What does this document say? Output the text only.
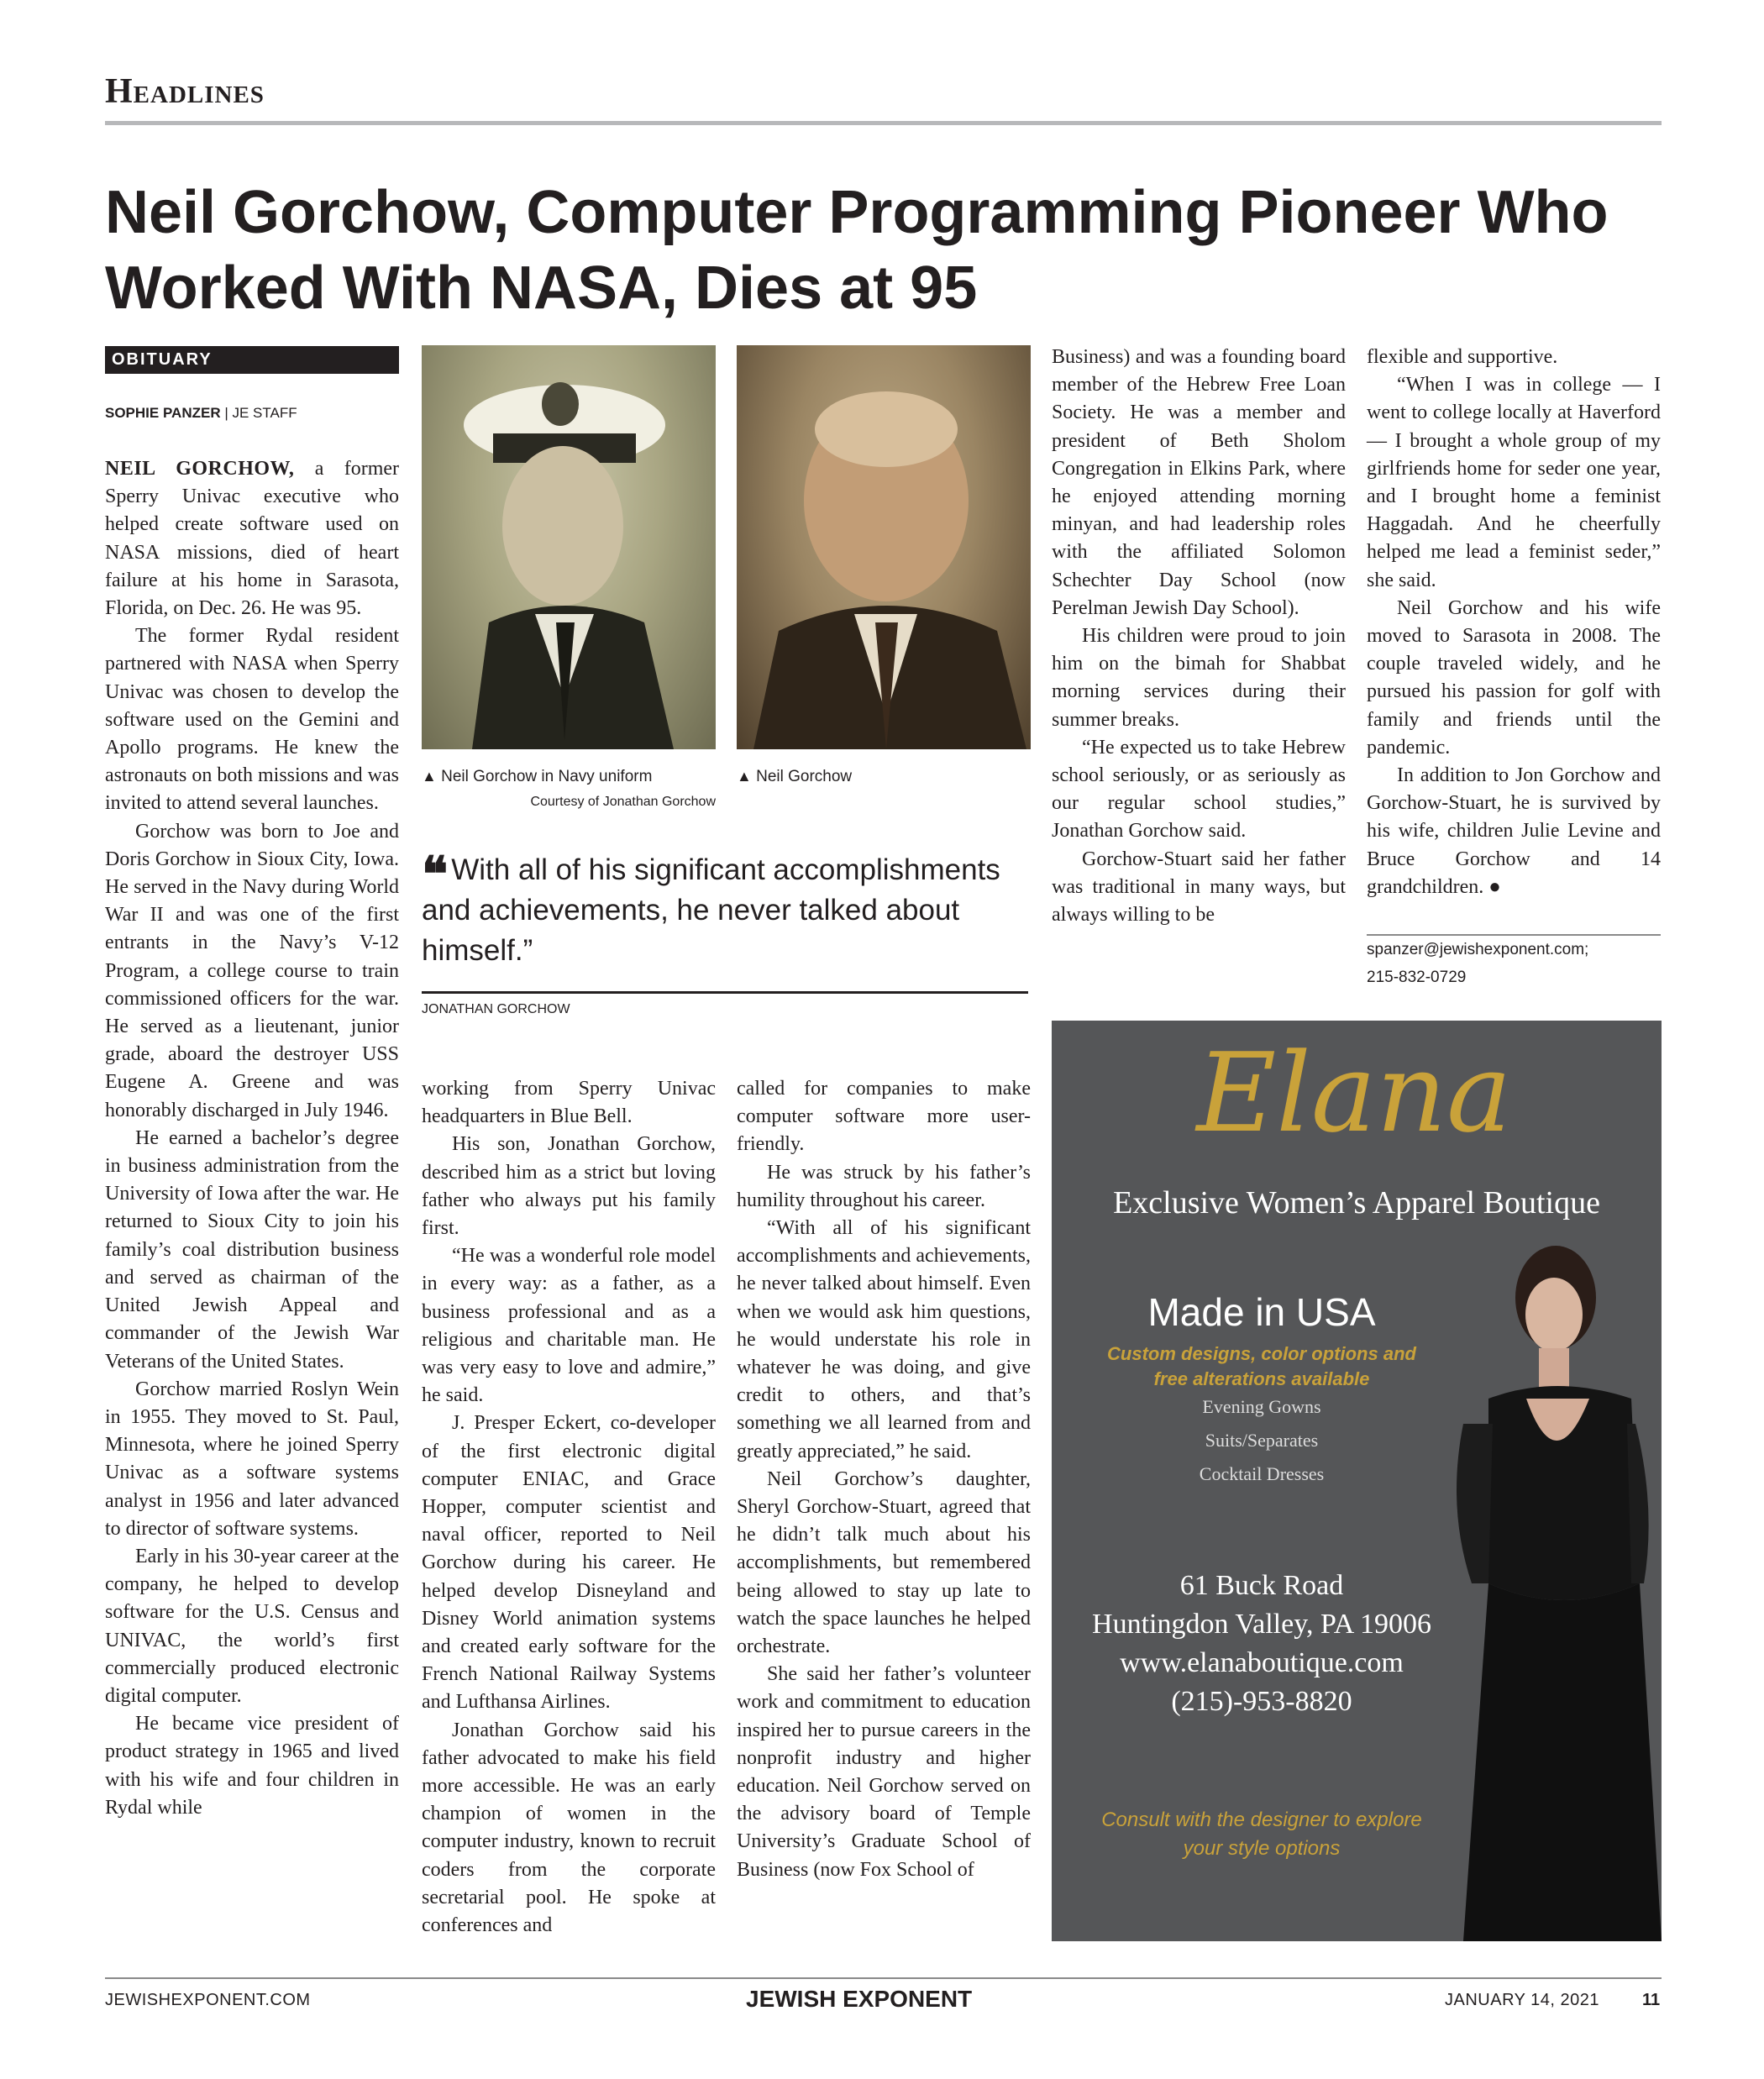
Headlines
Neil Gorchow, Computer Programming Pioneer Who Worked With NASA, Dies at 95
OBITUARY
SOPHIE PANZER | JE STAFF

NEIL GORCHOW, a former Sperry Univac executive who helped create software used on NASA missions, died of heart failure at his home in Sarasota, Florida, on Dec. 26. He was 95.

The former Rydal resident partnered with NASA when Sperry Univac was chosen to develop the software used on the Gemini and Apollo programs. He knew the astronauts on both missions and was invited to attend several launches.

Gorchow was born to Joe and Doris Gorchow in Sioux City, Iowa. He served in the Navy during World War II and was one of the first entrants in the Navy’s V-12 Program, a college course to train commissioned officers for the war. He served as a lieutenant, junior grade, aboard the destroyer USS Eugene A. Greene and was honorably discharged in July 1946.

He earned a bachelor’s degree in business administration from the University of Iowa after the war. He returned to Sioux City to join his family’s coal distribution business and served as chairman of the United Jewish Appeal and commander of the Jewish War Veterans of the United States.

Gorchow married Roslyn Wein in 1955. They moved to St. Paul, Minnesota, where he joined Sperry Univac as a software systems analyst in 1956 and later advanced to director of software systems.

Early in his 30-year career at the company, he helped to develop software for the U.S. Census and UNIVAC, the world’s first commercially produced electronic digital computer.

He became vice president of product strategy in 1965 and lived with his wife and four children in Rydal while

▲ Neil Gorchow in Navy uniform	▲ Neil Gorchow
Courtesy of Jonathan Gorchow
❝ With all of his significant accomplishments and achievements, he never talked about himself.”
JONATHAN GORCHOW

working from Sperry Univac headquarters in Blue Bell.

His son, Jonathan Gorchow, described him as a strict but loving father who always put his family first.

“He was a wonderful role model in every way: as a father, as a business professional and as a religious and charitable man. He was very easy to love and admire,” he said.

J. Presper Eckert, co-developer of the first electronic digital computer ENIAC, and Grace Hopper, computer scientist and naval officer, reported to Neil Gorchow during his career. He helped develop Disneyland and Disney World animation systems and created early software for the French National Railway Systems and Lufthansa Airlines.

Jonathan Gorchow said his father advocated to make his field more accessible. He was an early champion of women in the computer industry, known to recruit coders from the corporate secretarial pool. He spoke at conferences and

called for companies to make computer software more user-friendly.

He was struck by his father’s humility throughout his career.

“With all of his significant accomplishments and achievements, he never talked about himself. Even when we would ask him questions, he would understate his role in whatever he was doing, and give credit to others, and that’s something we all learned from and greatly appreciated,” he said.

Neil Gorchow’s daughter, Sheryl Gorchow-Stuart, agreed that he didn’t talk much about his accomplishments, but remembered being allowed to stay up late to watch the space launches he helped orchestrate.

She said her father’s volunteer work and commitment to education inspired her to pursue careers in the nonprofit industry and higher education. Neil Gorchow served on the advisory board of Temple University’s Graduate School of Business (now Fox School of

Business) and was a founding board member of the Hebrew Free Loan Society. He was a member and president of Beth Sholom Congregation in Elkins Park, where he enjoyed attending morning minyan, and had leadership roles with the affiliated Solomon Schechter Day School (now Perelman Jewish Day School).

His children were proud to join him on the bimah for Shabbat morning services during their summer breaks.

“He expected us to take Hebrew school seriously, or as seriously as our regular school studies,” Jonathan Gorchow said.

Gorchow-Stuart said her father was traditional in many ways, but always willing to be

flexible and supportive.

“When I was in college — I went to college locally at Haverford — I brought a whole group of my girlfriends home for seder one year, and I brought home a feminist Haggadah. And he cheerfully helped me lead a feminist seder,” she said.

Neil Gorchow and his wife moved to Sarasota in 2008. The couple traveled widely, and he pursued his passion for golf with family and friends until the pandemic.

In addition to Jon Gorchow and Gorchow-Stuart, he is survived by his wife, children Julie Levine and Bruce Gorchow and 14 grandchildren. ●

spanzer@jewishexponent.com;
215-832-0729
Elana
Exclusive Women’s Apparel Boutique
Made in USA
Custom designs, color options and
free alterations available
Evening Gowns
Suits/Separates
Cocktail Dresses
61 Buck Road
Huntingdon Valley, PA 19006
www.elanaboutique.com
(215)-953-8820
Consult with the designer to explore
your style options
JEWISHEXPONENT.COM	JEWISH EXPONENT	JANUARY 14, 2021	11
